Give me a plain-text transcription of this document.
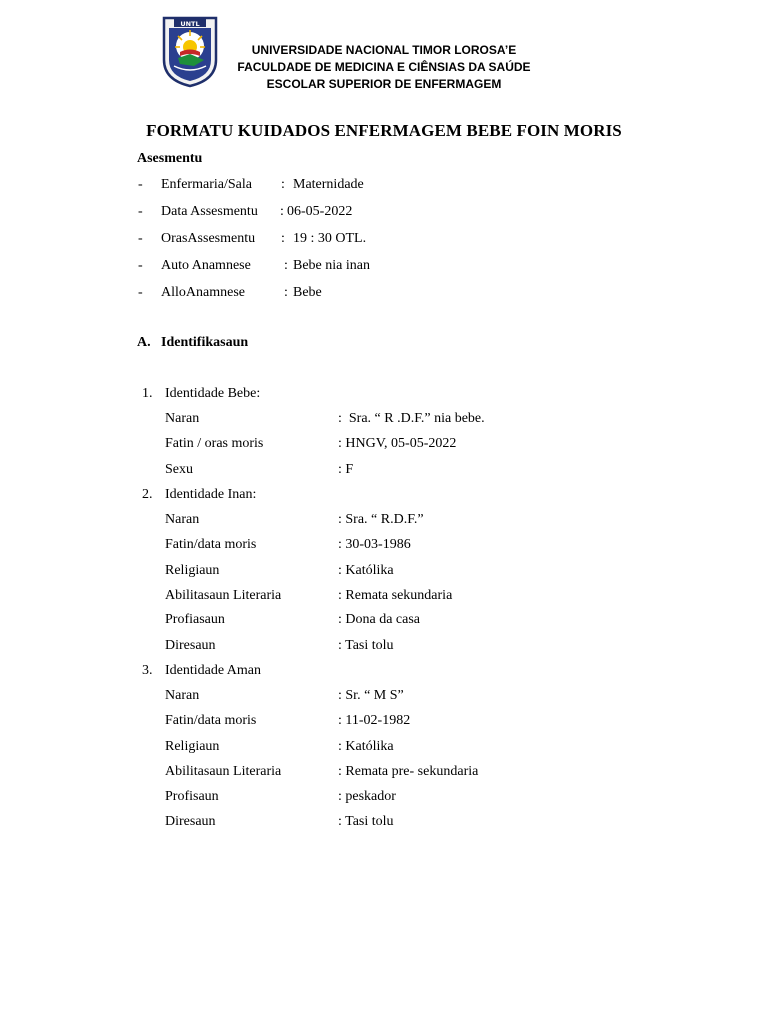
UNTL
UNIVERSIDADE NACIONAL TIMOR LOROSA’E
FACULDADE DE MEDICINA E CIÊNSIAS DA SAÚDE
ESCOLAR SUPERIOR DE ENFERMAGEM
FORMATU KUIDADOS ENFERMAGEM BEBE FOIN MORIS
Asesmentu
- Enfermaria/Sala : Maternidade
- Data Assesmentu : 06-05-2022
- OrasAssesmentu : 19 : 30 OTL.
- Auto Anamnese : Bebe nia inan
- AlloAnamnese	: Bebe
A. Identifikasaun
1. Identidade Bebe:
Naran	:  Sra. “ R .D.F.” nia bebe.
Fatin / oras moris	: HNGV, 05-05-2022
Sexu	: F
2. Identidade Inan:
Naran	: Sra. “ R.D.F.”
Fatin/data moris	: 30-03-1986
Religiaun	: Katólika
Abilitasaun Literaria	: Remata sekundaria
Profiasaun	: Dona da casa
Diresaun	: Tasi tolu
3. Identidade Aman
Naran	: Sr. “ M S”
Fatin/data moris	: 11-02-1982
Religiaun	: Katólika
Abilitasaun Literaria	: Remata pre- sekundaria
Profisaun	: peskador
Diresaun	: Tasi tolu
